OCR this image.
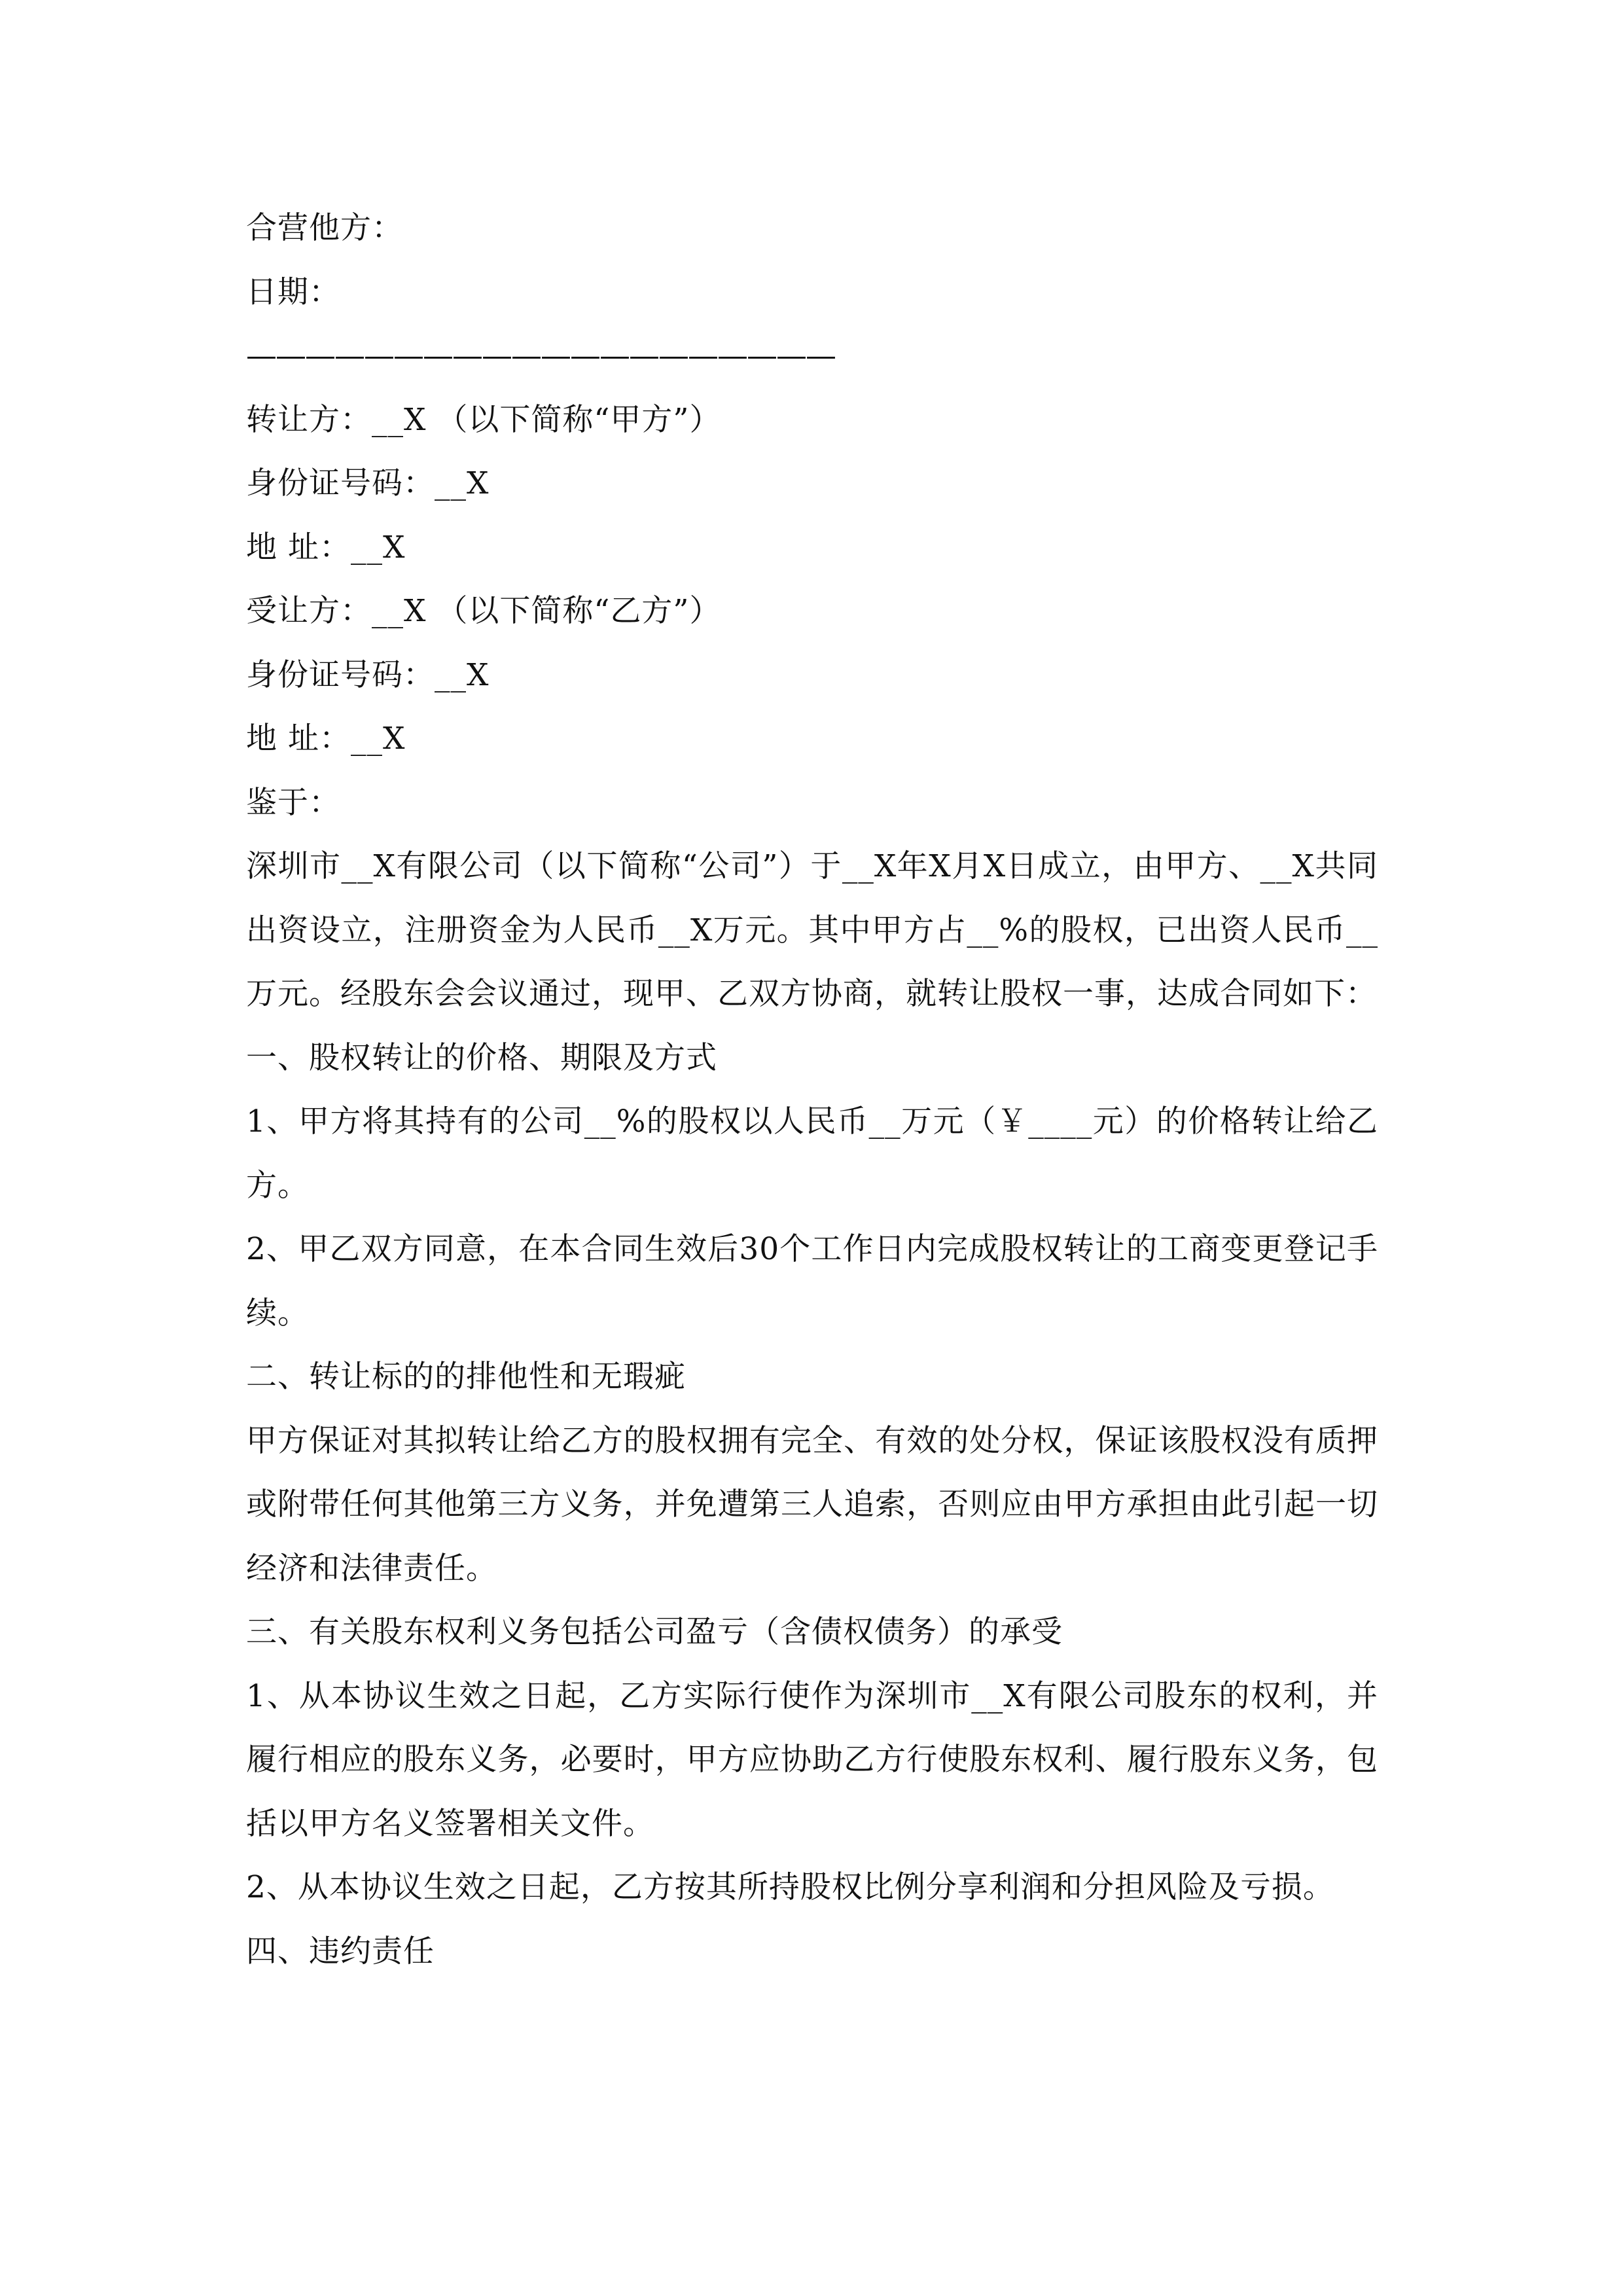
合营他方：
日期：
————————————————————
转让方：__X （以下简称“甲方”）
身份证号码：__X
地 址：__X
受让方：__X （以下简称“乙方”）
身份证号码：__X
地 址：__X
鉴于：
深圳市__X有限公司（以下简称“公司”）于__X年X月X日成立，由甲方、__X共同出资设立，注册资金为人民币__X万元。其中甲方占__%的股权，已出资人民币__万元。经股东会会议通过，现甲、乙双方协商，就转让股权一事，达成合同如下：
一、股权转让的价格、期限及方式
1、甲方将其持有的公司__%的股权以人民币__万元（￥____元）的价格转让给乙方。
2、甲乙双方同意，在本合同生效后30个工作日内完成股权转让的工商变更登记手续。
二、转让标的的排他性和无瑕疵
甲方保证对其拟转让给乙方的股权拥有完全、有效的处分权，保证该股权没有质押或附带任何其他第三方义务，并免遭第三人追索，否则应由甲方承担由此引起一切经济和法律责任。
三、有关股东权利义务包括公司盈亏（含债权债务）的承受
1、从本协议生效之日起，乙方实际行使作为深圳市__X有限公司股东的权利，并履行相应的股东义务，必要时，甲方应协助乙方行使股东权利、履行股东义务，包括以甲方名义签署相关文件。
2、从本协议生效之日起，乙方按其所持股权比例分享利润和分担风险及亏损。
四、违约责任
